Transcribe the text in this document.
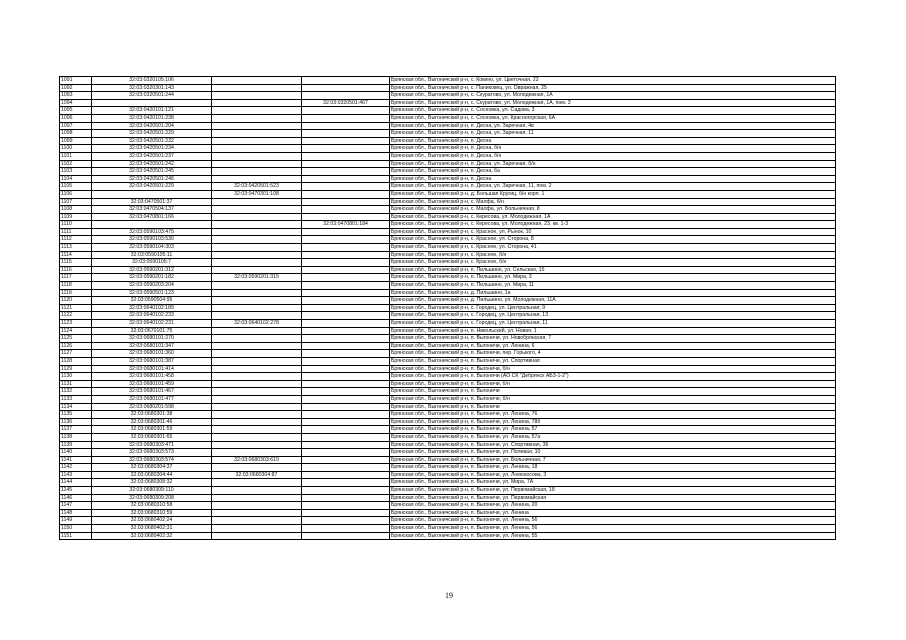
1091	32:03:0320105:106			Брянская обл., Выгоничский р-н, с. Кокино, ул. Цветочная, 22
1092	32:03:0320301:143			Брянская обл., Выгоничский р-н, с. Паниковец, ул. Овражная, 25
1093	32:03:0320501:244			Брянская обл., Выгоничский р-н, с. Скуратово, ул. Молодежная, 1А
1094			32:03:0320501:467	Брянская обл., Выгоничский р-н, с. Скуратово, ул. Молодежная, 1А, пом. 3
1095	32:03:0420101:121			Брянская обл., Выгоничский р-н, с. Сосновка, ул. Садова, 3
1096	32:03:0420101:238			Брянская обл., Выгоничский р-н, с. Сосновка, ул. Красногорская, 6А
1097	32:03:0420501:204			Брянская обл., Выгоничский р-н, п. Десна, ул. Заречная, 4в
1098	32:03:0420501:229			Брянская обл., Выгоничский р-н, п. Десна, ул. Заречная, 11
1099	32:03:0420501:232			Брянская обл., Выгоничский р-н, п. Десна
1100	32:03:0420501:234			Брянская обл., Выгоничский р-н, п. Десна, б/н
1101	32:03:0420501:237			Брянская обл., Выгоничский р-н, п. Десна, б/н
1102	32:03:0420501:242			Брянская обл., Выгоничский р-н, п. Десна, ул. Заречная, б/н
1103	32:03:0420501:245			Брянская обл., Выгоничский р-н, п. Десна, 6а
1104	32:03:0420501:246			Брянская обл., Выгоничский р-н, п. Десна
1105	32:03:0420501:229	32:03:0420501:523		Брянская обл., Выгоничский р-н, п. Десна, ул. Заречная, 11, пом. 2
1106		32:03:0470301:108		Брянская обл., Выгоничский р-н, д. Большая Кругиц, б/н корп. 1
1107	32:03:0470501:37			Брянская обл., Выгоничский р-н, с. Малфа, б/н
1108	32:03:0470504:137			Брянская обл., Выгоничский р-н, с. Малфа, ул. Больничная, 8
1109	32:03:0470801:166			Брянская обл., Выгоничский р-н, с. Кересова, ул. Молодежная, 1А
1110			32:03:0470801:184	Брянская обл., Выгоничский р-н, с. Кересова, ул. Молодежная, 23, кв. 1-3
1111	32:03:0590103:475			Брянская обл., Выгоничский р-н, с. Красное, ул. Рынок, 10
1112	32:03:0590103:530			Брянская обл., Выгоничский р-н, с. Красное, ул. Сторона, 8
1113	32:03:0590104:303			Брянская обл., Выгоничский р-н, с. Красное, ул. Сторона, 41
1114	32:03:0590105:11			Брянская обл., Выгоничский р-н, с. Красное, б/н
1115	32:03:0590105:7			Брянская обл., Выгоничский р-н, с. Красное, б/н
1116	32:03:0590201:312			Брянская обл., Выгоничский р-н, п. Пильшино, ул. Сельская, 1б
1117	32:03:0590201:182	32:03:0590201:315		Брянская обл., Выгоничский р-н, п. Пильшино, ул. Мира, 3
1118	32:03:0590203:204			Брянская обл., Выгоничский р-н, п. Пильшино, ул. Мира, 11
1119	32:03:0590501:123			Брянская обл., Выгоничский р-н, д. Пильшино, 1а
1120	32:03:0590504:95			Брянская обл., Выгоничский р-н, д. Пильшино, ул. Молодежная, 11А
1121	32:03:0640102:189			Брянская обл., Выгоничский р-н, с. Городец, ул. Центральная, 9
1122	32:03:0640102:233			Брянская обл., Выгоничский р-н, с. Городец, ул. Центральная, 13
1123	32:03:0640102:231	32:03:0640102:278		Брянская обл., Выгоничский р-н, с. Городец, ул. Центральная, 11
1124	32:03:0670101:75			Брянская обл., Выгоничский р-н, п. Никольский, ул. Новая, 1
1125	32:03:0680101:270			Брянская обл., Выгоничский р-н, п. Выгоничи, ул. Новобрянская, 7
1126	32:03:0680101:347			Брянская обл., Выгоничский р-н, п. Выгоничи, ул. Ленина, 6
1127	32:03:0680101:360			Брянская обл., Выгоничский р-н, п. Выгоничи, пер. Горького, 4
1128	32:03:0680101:387			Брянская обл., Выгоничский р-н, п. Выгоничи, ул. Спортивная
1129	32:03:0680101:414			Брянская обл., Выгоничский р-н, п. Выгоничи, б/н
1130	32:03:0680101:458			Брянская обл., Выгоничский р-н, п. Выгоничи (АО СК "Дебрянск АБЗ-1-2")
1131	32:03:0680101:459			Брянская обл., Выгоничский р-н, п. Выгоничи, б/н
1132	32:03:0680101:467			Брянская обл., Выгоничский р-н, п. Выгоничи
1133	32:03:0680101:477			Брянская обл., Выгоничский р-н, п. Выгоничи, б/н
1134	32:03:0680201:598			Брянская обл., Выгоничский р-н, п. Выгоничи
1135	32:03:0680301:38			Брянская обл., Выгоничский р-н, п. Выгоничи, ул. Ленина, 76
1136	32:03:0680301:46			Брянская обл., Выгоничский р-н, п. Выгоничи, ул. Ленина, 78б
1137	32:03:0680301:59			Брянская обл., Выгоничский р-н, п. Выгоничи, ул. Ленина, 57
1138	32:03:0680301:65			Брянская обл., Выгоничский р-н, п. Выгоничи, ул. Ленина, 57а
1139	32:03:0680303:471			Брянская обл., Выгоничский р-н, п. Выгоничи, ул. Спортивная, 36
1140	32:03:0680303:573			Брянская обл., Выгоничский р-н, п. Выгоничи, ул. Полевая, 10
1141	32:03:0680303:574	32:03:0680303:619		Брянская обл., Выгоничский р-н, п. Выгоничи, ул. Больничная, 7
1142	32:03:0680304:37			Брянская обл., Выгоничский р-н, п. Выгоничи, ул. Ленина, 18
1143	32:03:0680304:44	32:03:0680304:87		Брянская обл., Выгоничский р-н, п. Выгоничи, ул. Ломоносова, 3
1144	32:03:0680308:32			Брянская обл., Выгоничский р-н, п. Выгоничи, ул. Мира, 7А
1145	32:03:0680309:110			Брянская обл., Выгоничский р-н, п. Выгоничи, ул. Первомайская, 18
1146	32:03:0680309:208			Брянская обл., Выгоничский р-н, п. Выгоничи, ул. Первомайская
1147	32:03:0680310:58			Брянская обл., Выгоничский р-н, п. Выгоничи, ул. Ленина, 20
1148	32:03:0680310:59			Брянская обл., Выгоничский р-н, п. Выгоничи, ул. Ленина
1149	32:03:0680402:24			Брянская обл., Выгоничский р-н, п. Выгоничи, ул. Ленина, 56
1150	32:03:0680402:31			Брянская обл., Выгоничский р-н, п. Выгоничи, ул. Ленина, 56
1151	32:03:0680402:32			Брянская обл., Выгоничский р-н, п. Выгоничи, ул. Ленина, 55
19
